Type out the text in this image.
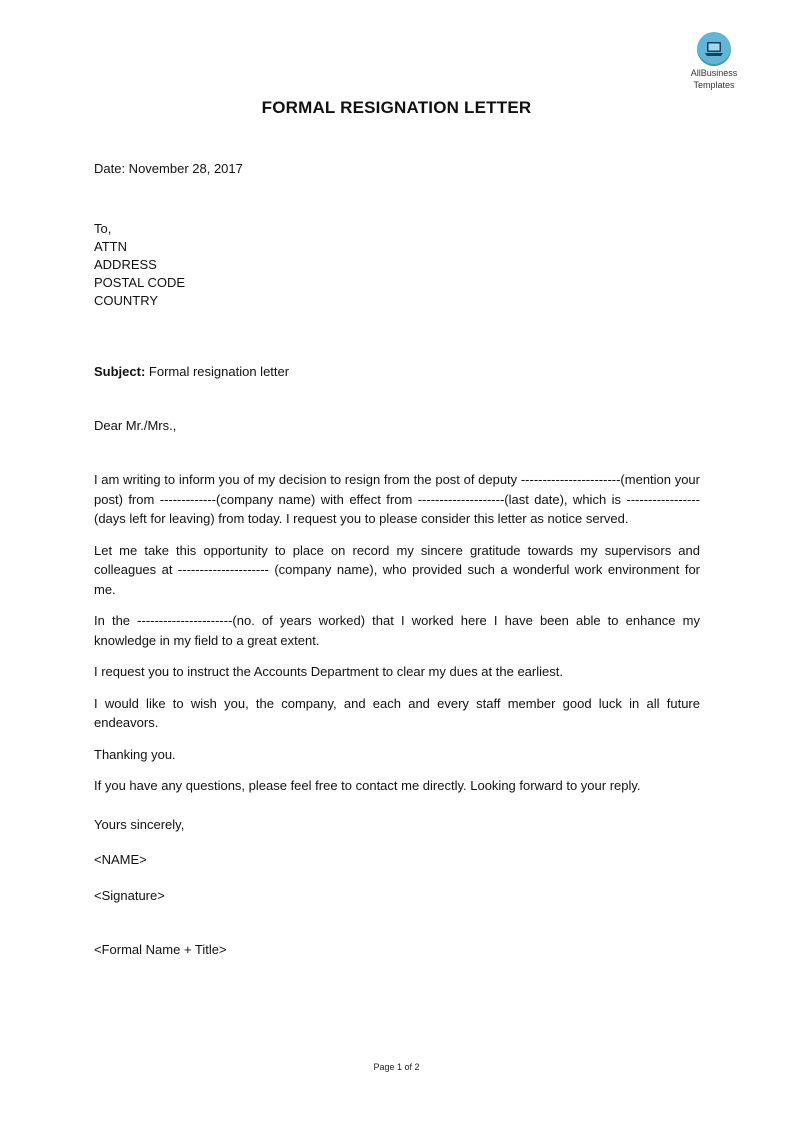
AllBusiness
Templates
FORMAL RESIGNATION LETTER
Date: November 28, 2017
To,
ATTN
ADDRESS
POSTAL CODE
COUNTRY
Subject: Formal resignation letter
Dear Mr./Mrs.,

I am writing to inform you of my decision to resign from the post of deputy -----------------------(mention your post) from -------------(company name) with effect from --------------------(last date), which is -----------------(days left for leaving) from today. I request you to please consider this letter as notice served.

Let me take this opportunity to place on record my sincere gratitude towards my supervisors and colleagues at --------------------- (company name), who provided such a wonderful work environment for me.

In the ----------------------(no. of years worked) that I worked here I have been able to enhance my knowledge in my field to a great extent.

I request you to instruct the Accounts Department to clear my dues at the earliest.

I would like to wish you, the company, and each and every staff member good luck in all future endeavors.

Thanking you.

If you have any questions, please feel free to contact me directly. Looking forward to your reply.

Yours sincerely,
<NAME>
<Signature>
<Formal Name + Title>
Page 1 of 2
